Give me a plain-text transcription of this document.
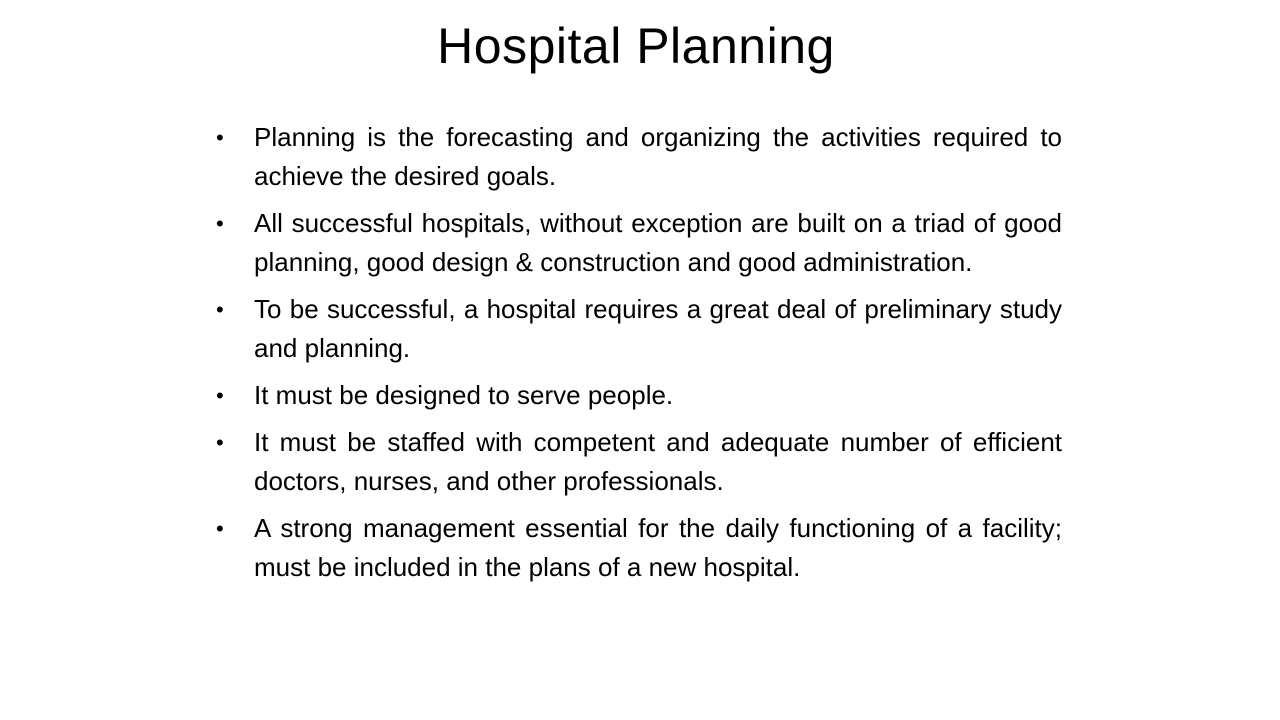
Hospital Planning
•	Planning is the forecasting and organizing the activities required to achieve the desired goals.
•	All successful hospitals, without exception are built on a triad of good planning, good design & construction and good administration.
•	To be successful, a hospital requires a great deal of preliminary study and planning.
•	It must be designed to serve people.
•	It must be staffed with competent and adequate number of efficient doctors, nurses, and other professionals.
•	A strong management essential for the daily functioning of a facility; must be included in the plans of a new hospital.
